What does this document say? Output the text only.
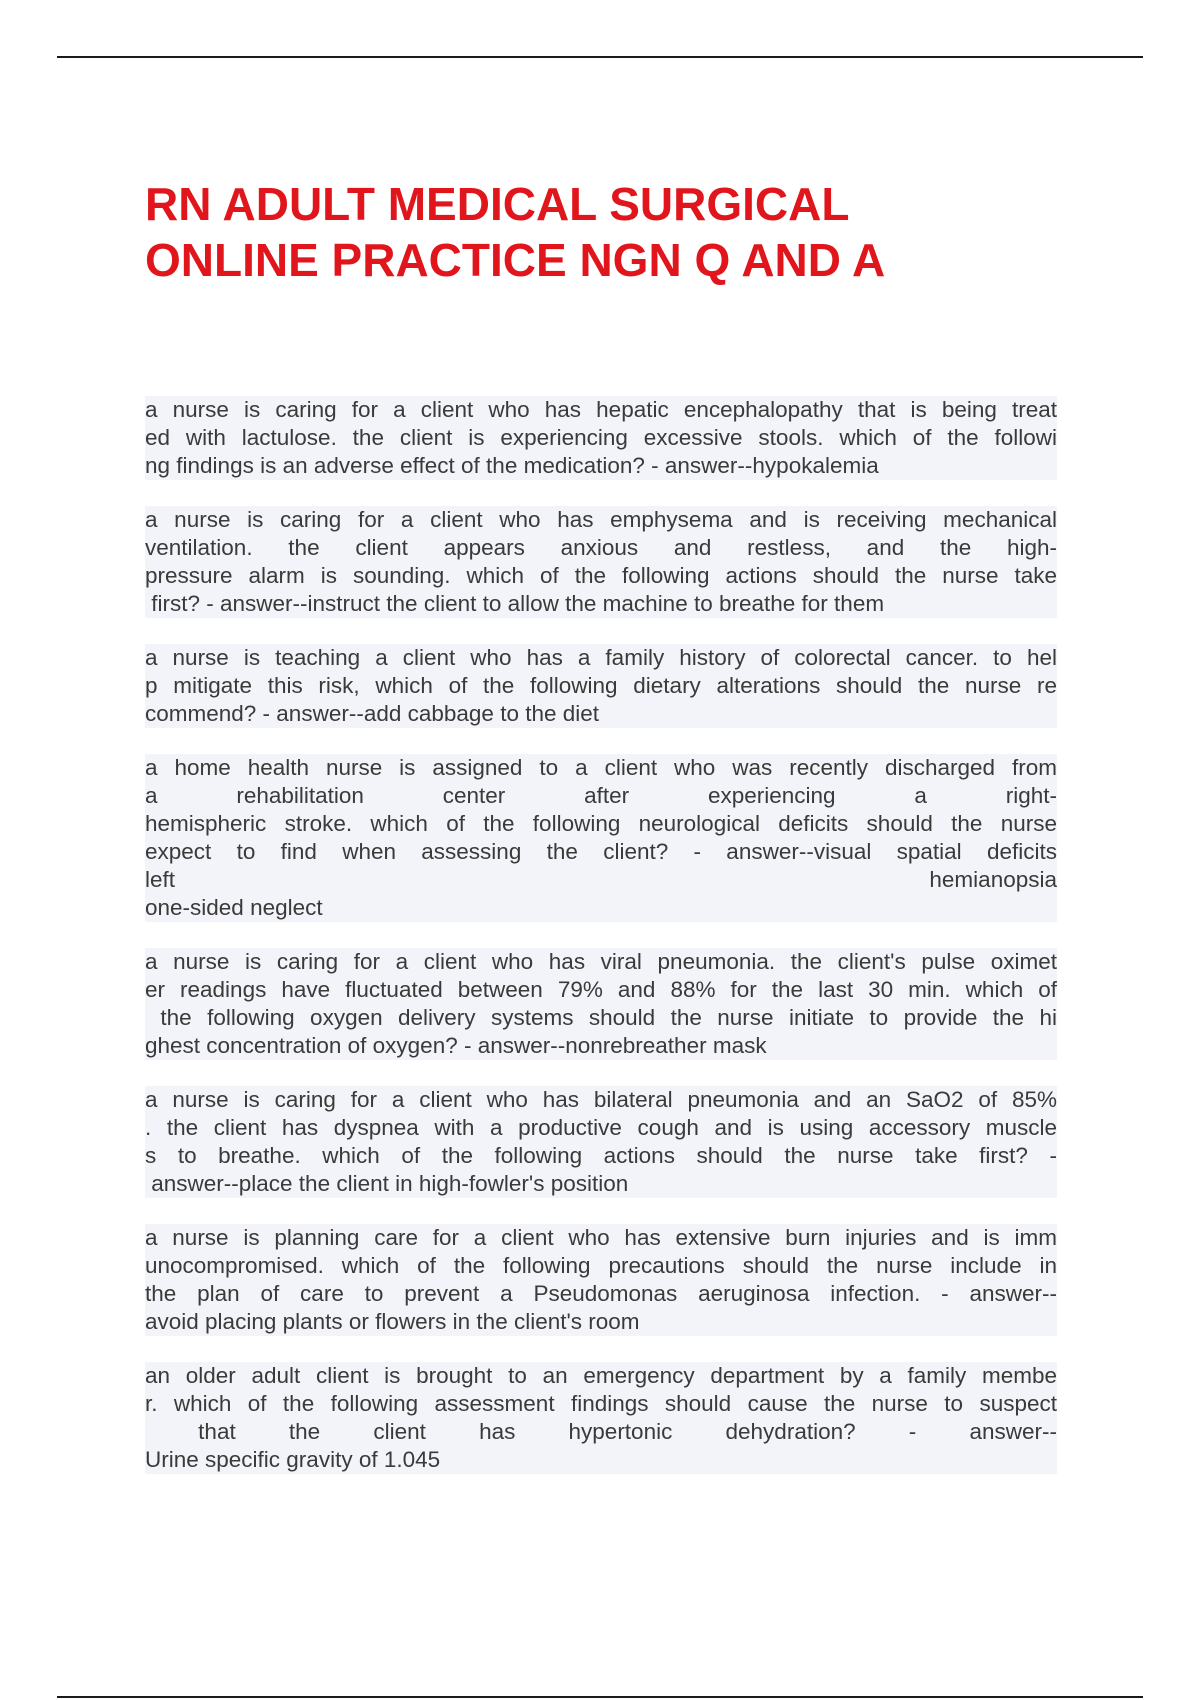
RN ADULT MEDICAL SURGICAL
ONLINE PRACTICE NGN Q AND A

a nurse is caring for a client who has hepatic encephalopathy that is being treat
ed with lactulose. the client is experiencing excessive stools. which of the followi
ng findings is an adverse effect of the medication? - answer--hypokalemia

a nurse is caring for a client who has emphysema and is receiving mechanical
ventilation. the client appears anxious and restless, and the high-
pressure alarm is sounding. which of the following actions should the nurse take
first? - answer--instruct the client to allow the machine to breathe for them

a nurse is teaching a client who has a family history of colorectal cancer. to hel
p mitigate this risk, which of the following dietary alterations should the nurse re
commend? - answer--add cabbage to the diet

a home health nurse is assigned to a client who was recently discharged from
a rehabilitation center after experiencing a right-
hemispheric stroke. which of the following neurological deficits should the nurse
expect to find when assessing the client? - answer--visual spatial deficits
left hemianopsia
one-sided neglect

a nurse is caring for a client who has viral pneumonia. the client's pulse oximet
er readings have fluctuated between 79% and 88% for the last 30 min. which of
the following oxygen delivery systems should the nurse initiate to provide the hi
ghest concentration of oxygen? - answer--nonrebreather mask

a nurse is caring for a client who has bilateral pneumonia and an SaO2 of 85%
. the client has dyspnea with a productive cough and is using accessory muscle
s to breathe. which of the following actions should the nurse take first? -
answer--place the client in high-fowler's position

a nurse is planning care for a client who has extensive burn injuries and is imm
unocompromised. which of the following precautions should the nurse include in
the plan of care to prevent a Pseudomonas aeruginosa infection. - answer--
avoid placing plants or flowers in the client's room

an older adult client is brought to an emergency department by a family membe
r. which of the following assessment findings should cause the nurse to suspect
that the client has hypertonic dehydration? - answer--
Urine specific gravity of 1.045
